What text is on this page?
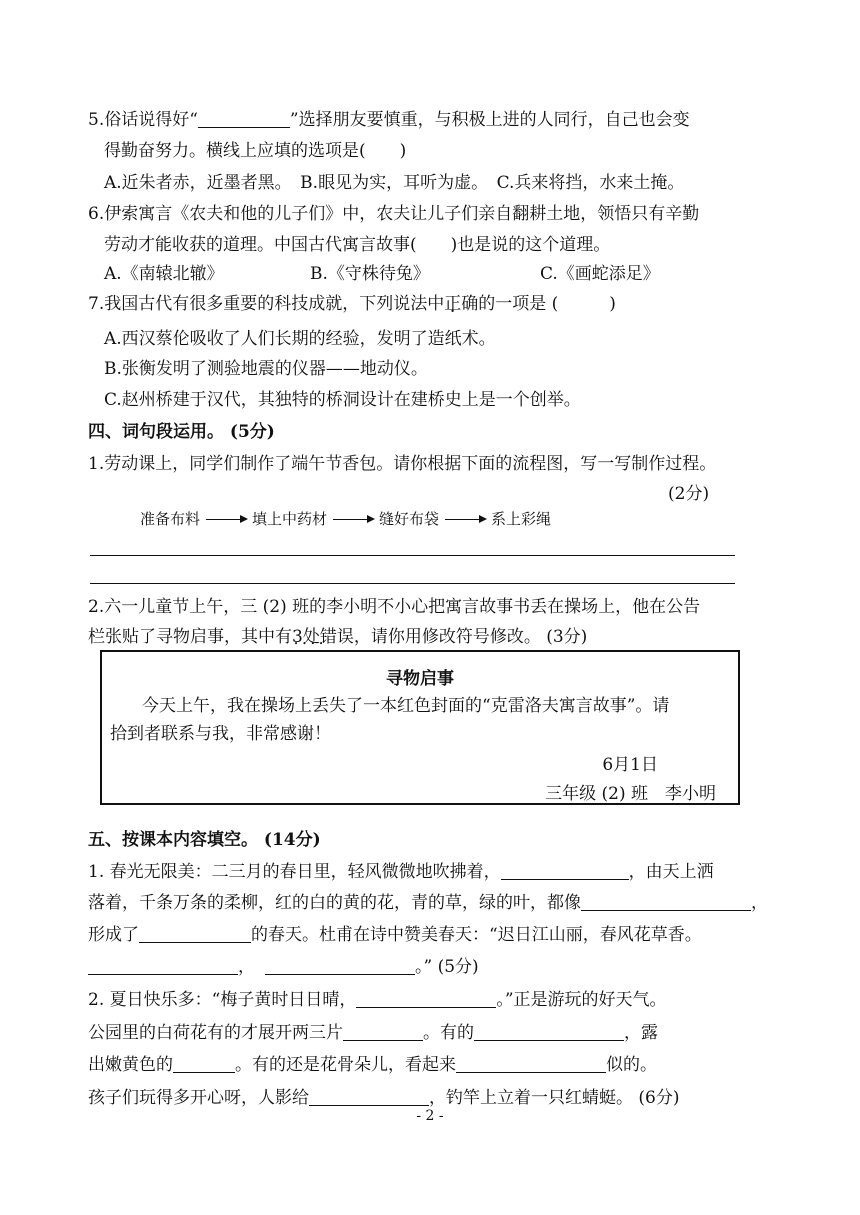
5.俗话说得好“	”选择朋友要慎重，与积极上进的人同行，自己也会变
得勤奋努力。横线上应填的选项是(　　)
A.近朱者赤，近墨者黑。　B.眼见为实，耳听为虚。　C.兵来将挡，水来土掩。
6.伊索寓言《农夫和他的儿子们》中，农夫让儿子们亲自翻耕土地，领悟只有辛勤
劳动才能收获的道理。中国古代寓言故事(　　)也是说的这个道理。
A.《南辕北辙》	B.《守株待兔》	C.《画蛇添足》
7.我国古代有很多重要的科技成就，下列说法中正确的一项是 (　　　)
A.西汉蔡伦吸收了人们长期的经验，发明了造纸术。
B.张衡发明了测验地震的仪器——地动仪。
C.赵州桥建于汉代，其独特的桥洞设计在建桥史上是一个创举。
四、词句段运用。 (5分)
1.劳动课上，同学们制作了端午节香包。请你根据下面的流程图，写一写制作过程。
(2分)
准备布料	填上中药材	缝好布袋	系上彩绳
2.六一儿童节上午，三 (2) 班的李小明不小心把寓言故事书丢在操场上，他在公告
栏张贴了寻物启事，其中有3处错误 • • • •，请你用修改符号修改。 (3分)
寻物启事
今天上午，我在操场上丢失了一本红色封面的“克雷洛夫寓言故事”。请
拾到者联系与我，非常感谢！
6月1日
三年级 (2) 班　李小明
五、按课本内容填空。 (14分)
1. 春光无限美：二三月的春日里，轻风微微地吹拂着，	，由天上洒
落着，千条万条的柔柳，红的白的黄的花，青的草，绿的叶，都像	，
形成了	的春天。杜甫在诗中赞美春天：“迟日江山丽，春风花草香。
，	。” (5分)
2. 夏日快乐多：“梅子黄时日日晴，	。”正是游玩的好天气。
公园里的白荷花有的才展开两三片	。有的	，露
出嫩黄色的	。有的还是花骨朵儿，看起来	似的。
孩子们玩得多开心呀，人影给	，钓竿上立着一只红蜻蜓。 (6分)
- 2 -
